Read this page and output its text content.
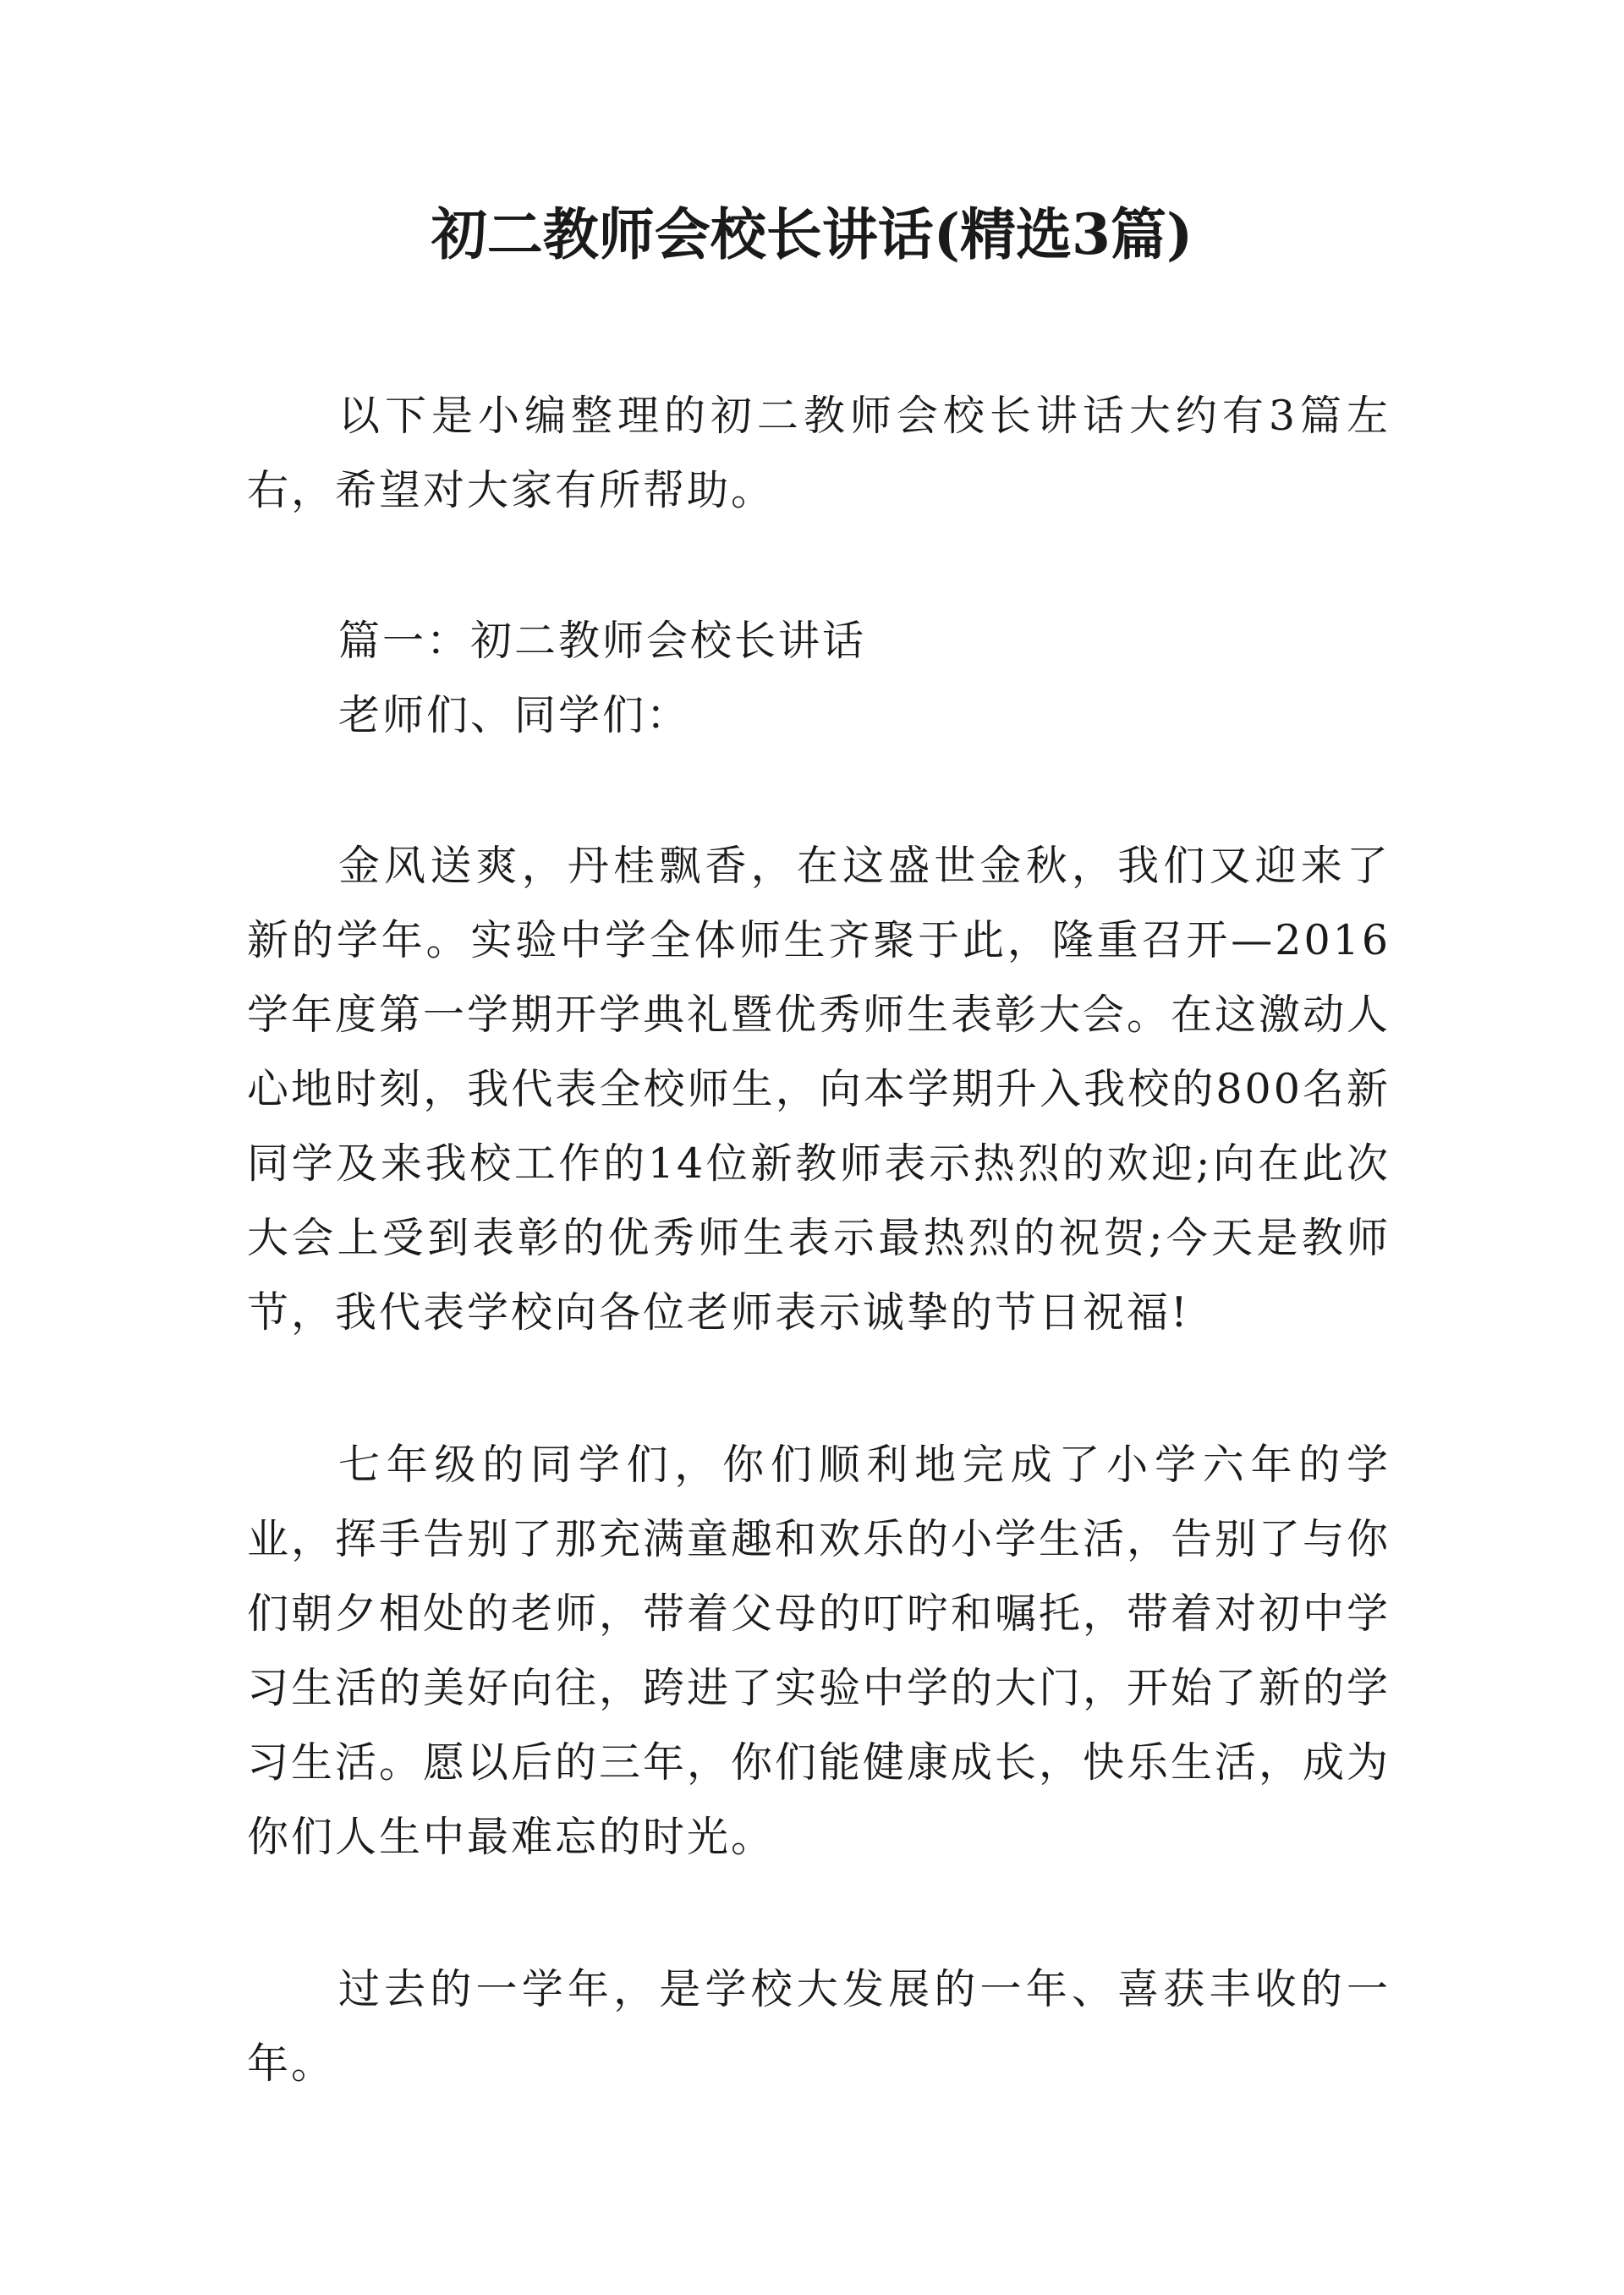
初二教师会校长讲话(精选3篇)

以下是小编整理的初二教师会校长讲话大约有3篇左右，希望对大家有所帮助。

篇一：初二教师会校长讲话

老师们、同学们：

金风送爽，丹桂飘香，在这盛世金秋，我们又迎来了新的学年。实验中学全体师生齐聚于此，隆重召开—2016学年度第一学期开学典礼暨优秀师生表彰大会。在这激动人心地时刻，我代表全校师生，向本学期升入我校的800名新同学及来我校工作的14位新教师表示热烈的欢迎;向在此次大会上受到表彰的优秀师生表示最热烈的祝贺;今天是教师节，我代表学校向各位老师表示诚挚的节日祝福!

七年级的同学们，你们顺利地完成了小学六年的学业，挥手告别了那充满童趣和欢乐的小学生活，告别了与你们朝夕相处的老师，带着父母的叮咛和嘱托，带着对初中学习生活的美好向往，跨进了实验中学的大门，开始了新的学习生活。愿以后的三年，你们能健康成长，快乐生活，成为你们人生中最难忘的时光。

过去的一学年，是学校大发展的一年、喜获丰收的一年。
